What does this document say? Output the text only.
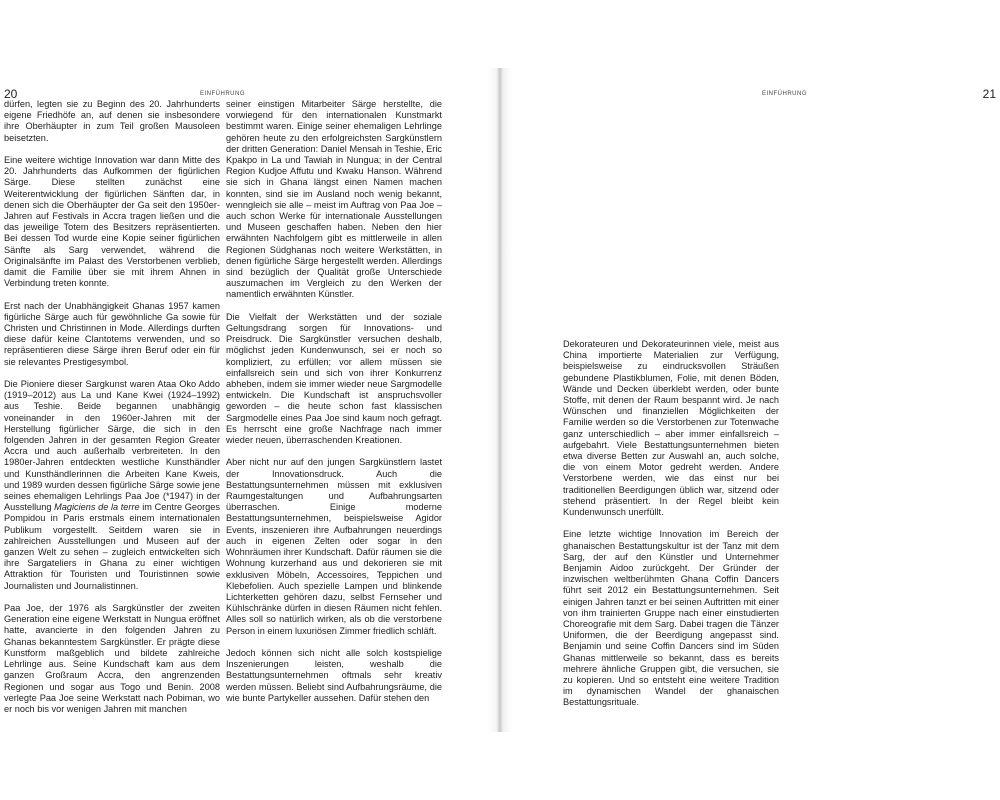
20	EINFÜHRUNG

dürfen, legten sie zu Beginn des 20. Jahrhunderts eigene Friedhöfe an, auf denen sie insbesondere ihre Oberhäupter in zum Teil großen Mausoleen beisetzten.

Eine weitere wichtige Innovation war dann Mitte des 20. Jahrhunderts das Aufkommen der figürlichen Särge. Diese stellten zunächst eine Weiterentwicklung der figürlichen Sänften dar, in denen sich die Oberhäupter der Ga seit den 1950er-Jahren auf Festivals in Accra tragen ließen und die das jeweilige Totem des Besitzers repräsentierten. Bei dessen Tod wurde eine Kopie seiner figürlichen Sänfte als Sarg verwendet, während die Originalsänfte im Palast des Verstorbenen verblieb, damit die Familie über sie mit ihrem Ahnen in Verbindung treten konnte.

Erst nach der Unabhängigkeit Ghanas 1957 kamen figürliche Särge auch für gewöhnliche Ga sowie für Christen und Christinnen in Mode. Allerdings durften diese dafür keine Clantotems verwenden, und so repräsentieren diese Särge ihren Beruf oder ein für sie relevantes Prestigesymbol.

Die Pioniere dieser Sargkunst waren Ataa Oko Addo (1919–2012) aus La und Kane Kwei (1924–1992) aus Teshie. Beide begannen unabhängig voneinander in den 1960er-Jahren mit der Herstellung figürlicher Särge, die sich in den folgenden Jahren in der gesamten Region Greater Accra und auch außerhalb verbreiteten. In den 1980er-Jahren entdeckten westliche Kunsthändler und Kunsthändlerinnen die Arbeiten Kane Kweis, und 1989 wurden dessen figürliche Särge sowie jene seines ehemaligen Lehrlings Paa Joe (*1947) in der Ausstellung Magiciens de la terre im Centre Georges Pompidou in Paris erstmals einem internationalen Publikum vorgestellt. Seitdem waren sie in zahlreichen Ausstellungen und Museen auf der ganzen Welt zu sehen – zugleich entwickelten sich ihre Sargateliers in Ghana zu einer wichtigen Attraktion für Touristen und Touristinnen sowie Journalisten und Journalistinnen.

Paa Joe, der 1976 als Sargkünstler der zweiten Generation eine eigene Werkstatt in Nungua eröffnet hatte, avancierte in den folgenden Jahren zu Ghanas bekanntestem Sargkünstler. Er prägte diese Kunstform maßgeblich und bildete zahlreiche Lehrlinge aus. Seine Kundschaft kam aus dem ganzen Großraum Accra, den angrenzenden Regionen und sogar aus Togo und Benin. 2008 verlegte Paa Joe seine Werkstatt nach Pobiman, wo er noch bis vor wenigen Jahren mit manchen

seiner einstigen Mitarbeiter Särge herstellte, die vorwiegend für den internationalen Kunstmarkt bestimmt waren. Einige seiner ehemaligen Lehrlinge gehören heute zu den erfolgreichsten Sargkünstlern der dritten Generation: Daniel Mensah in Teshie, Eric Kpakpo in La und Tawiah in Nungua; in der Central Region Kudjoe Affutu und Kwaku Hanson. Während sie sich in Ghana längst einen Namen machen konnten, sind sie im Ausland noch wenig bekannt, wenngleich sie alle – meist im Auftrag von Paa Joe – auch schon Werke für internationale Ausstellungen und Museen geschaffen haben. Neben den hier erwähnten Nachfolgern gibt es mittlerweile in allen Regionen Südghanas noch weitere Werkstätten, in denen figürliche Särge hergestellt werden. Allerdings sind bezüglich der Qualität große Unterschiede auszumachen im Vergleich zu den Werken der namentlich erwähnten Künstler.

Die Vielfalt der Werkstätten und der soziale Geltungsdrang sorgen für Innovations- und Preisdruck. Die Sargkünstler versuchen deshalb, möglichst jeden Kundenwunsch, sei er noch so kompliziert, zu erfüllen; vor allem müssen sie einfallsreich sein und sich von ihrer Konkurrenz abheben, indem sie immer wieder neue Sargmodelle entwickeln. Die Kundschaft ist anspruchsvoller geworden – die heute schon fast klassischen Sargmodelle eines Paa Joe sind kaum noch gefragt. Es herrscht eine große Nachfrage nach immer wieder neuen, überraschenden Kreationen.

Aber nicht nur auf den jungen Sargkünstlern lastet der Innovationsdruck. Auch die Bestattungsunternehmen müssen mit exklusiven Raumgestaltungen und Aufbahrungsarten überraschen. Einige moderne Bestattungsunternehmen, beispielsweise Agidor Events, inszenieren ihre Aufbahrungen neuerdings auch in eigenen Zelten oder sogar in den Wohnräumen ihrer Kundschaft. Dafür räumen sie die Wohnung kurzerhand aus und dekorieren sie mit exklusiven Möbeln, Accessoires, Teppichen und Klebefolien. Auch spezielle Lampen und blinkende Lichterketten gehören dazu, selbst Fernseher und Kühlschränke dürfen in diesen Räumen nicht fehlen. Alles soll so natürlich wirken, als ob die verstorbene Person in einem luxuriösen Zimmer friedlich schläft.

Jedoch können sich nicht alle solch kostspielige Inszenierungen leisten, weshalb die Bestattungsunternehmen oftmals sehr kreativ werden müssen. Beliebt sind Aufbahrungsräume, die wie bunte Partykeller aussehen. Dafür stehen den

EINFÜHRUNG	21

Dekorateuren und Dekorateurinnen viele, meist aus China importierte Materialien zur Verfügung, beispielsweise zu eindrucksvollen Sträußen gebundene Plastikblumen, Folie, mit denen Böden, Wände und Decken überklebt werden, oder bunte Stoffe, mit denen der Raum bespannt wird. Je nach Wünschen und finanziellen Möglichkeiten der Familie werden so die Verstorbenen zur Totenwache ganz unterschiedlich – aber immer einfallsreich – aufgebahrt. Viele Bestattungsunternehmen bieten etwa diverse Betten zur Auswahl an, auch solche, die von einem Motor gedreht werden. Andere Verstorbene werden, wie das einst nur bei traditionellen Beerdigungen üblich war, sitzend oder stehend präsentiert. In der Regel bleibt kein Kundenwunsch unerfüllt.

Eine letzte wichtige Innovation im Bereich der ghanaischen Bestattungskultur ist der Tanz mit dem Sarg, der auf den Künstler und Unternehmer Benjamin Aidoo zurückgeht. Der Gründer der inzwischen weltberühmten Ghana Coffin Dancers führt seit 2012 ein Bestattungsunternehmen. Seit einigen Jahren tanzt er bei seinen Auftritten mit einer von ihm trainierten Gruppe nach einer einstudierten Choreografie mit dem Sarg. Dabei tragen die Tänzer Uniformen, die der Beerdigung angepasst sind. Benjamin und seine Coffin Dancers sind im Süden Ghanas mittlerweile so bekannt, dass es bereits mehrere ähnliche Gruppen gibt, die versuchen, sie zu kopieren. Und so entsteht eine weitere Tradition im dynamischen Wandel der ghanaischen Bestattungsrituale.
